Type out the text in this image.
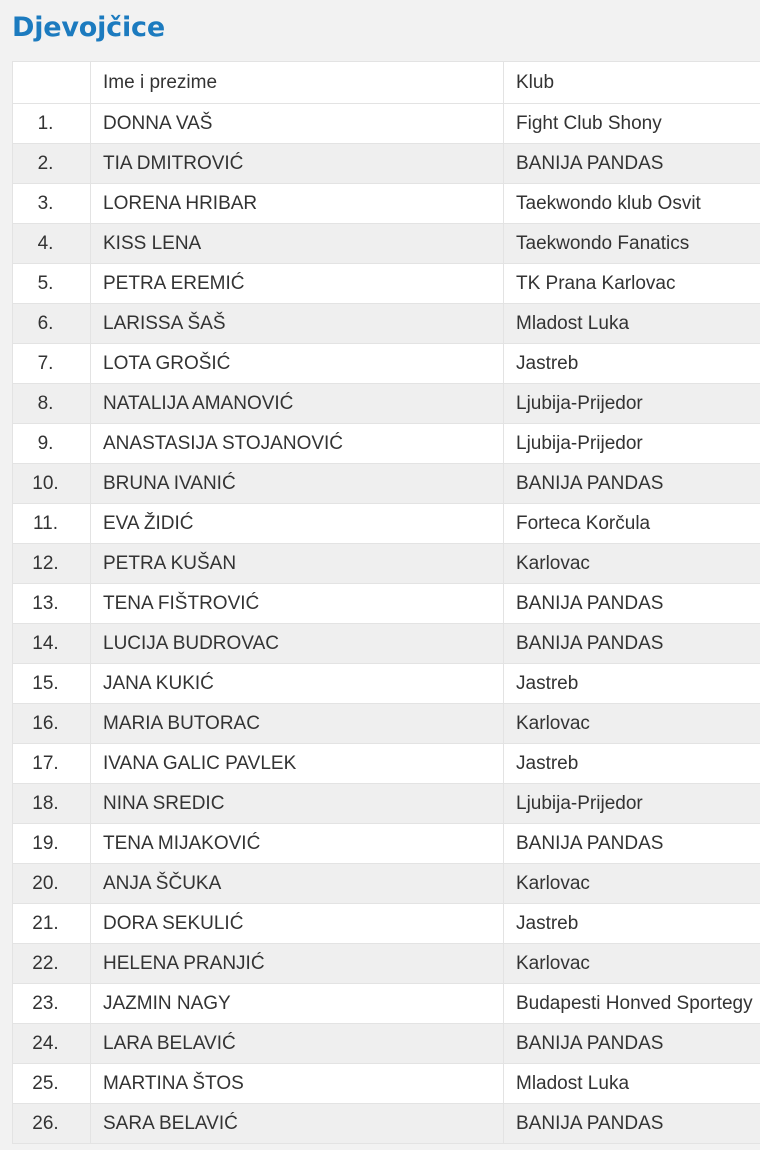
Djevojčice
	Ime i prezime	Klub
1.	DONNA VAŠ	Fight Club Shony
2.	TIA DMITROVIĆ	BANIJA PANDAS
3.	LORENA HRIBAR	Taekwondo klub Osvit
4.	KISS LENA	Taekwondo Fanatics
5.	PETRA EREMIĆ	TK Prana Karlovac
6.	LARISSA ŠAŠ	Mladost Luka
7.	LOTA GROŠIĆ	Jastreb
8.	NATALIJA AMANOVIĆ	Ljubija-Prijedor
9.	ANASTASIJA STOJANOVIĆ	Ljubija-Prijedor
10.	BRUNA IVANIĆ	BANIJA PANDAS
11.	EVA ŽIDIĆ	Forteca Korčula
12.	PETRA KUŠAN	Karlovac
13.	TENA FIŠTROVIĆ	BANIJA PANDAS
14.	LUCIJA BUDROVAC	BANIJA PANDAS
15.	JANA KUKIĆ	Jastreb
16.	MARIA BUTORAC	Karlovac
17.	IVANA GALIC PAVLEK	Jastreb
18.	NINA SREDIC	Ljubija-Prijedor
19.	TENA MIJAKOVIĆ	BANIJA PANDAS
20.	ANJA ŠČUKA	Karlovac
21.	DORA SEKULIĆ	Jastreb
22.	HELENA PRANJIĆ	Karlovac
23.	JAZMIN NAGY	Budapesti Honved Sportegy
24.	LARA BELAVIĆ	BANIJA PANDAS
25.	MARTINA ŠTOS	Mladost Luka
26.	SARA BELAVIĆ	BANIJA PANDAS
